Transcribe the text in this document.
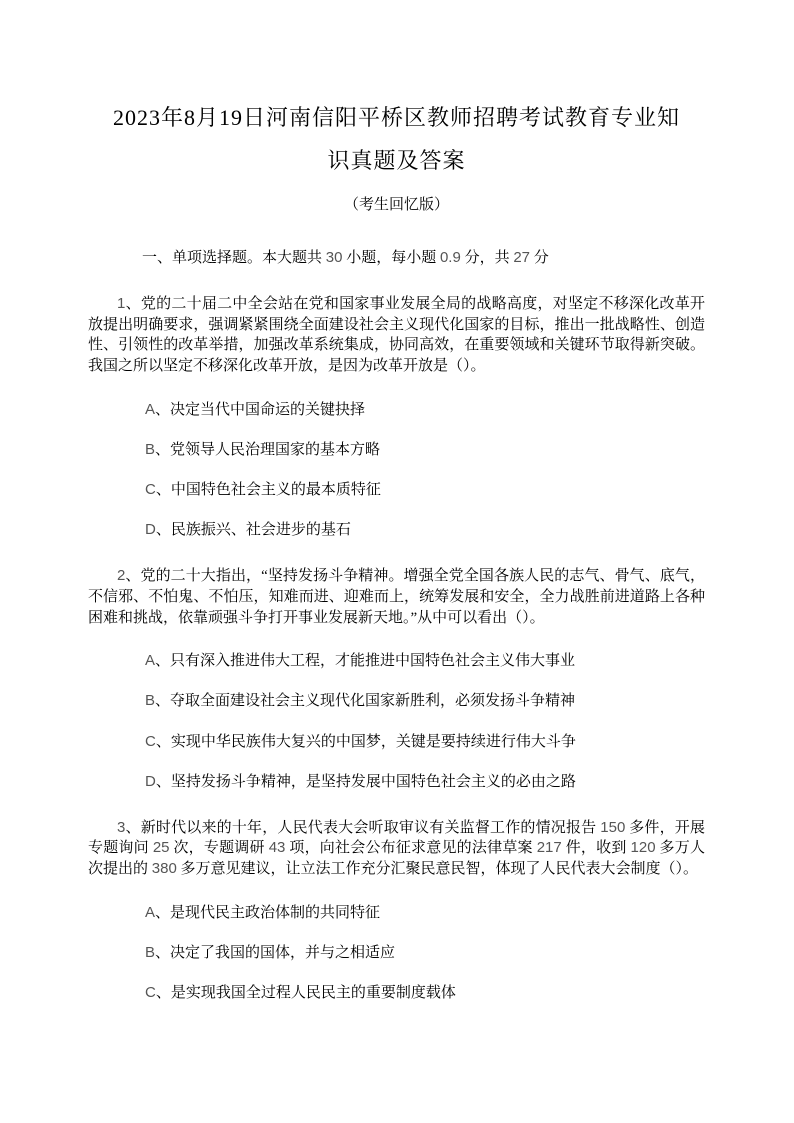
2023年8月19日河南信阳平桥区教师招聘考试教育专业知
识真题及答案

（考生回忆版）

一、单项选择题。本大题共 30 小题，每小题 0.9 分，共 27 分

1、党的二十届二中全会站在党和国家事业发展全局的战略高度，对坚定不移深化改革开放提出明确要求，强调紧紧围绕全面建设社会主义现代化国家的目标，推出一批战略性、创造性、引领性的改革举措，加强改革系统集成，协同高效，在重要领域和关键环节取得新突破。我国之所以坚定不移深化改革开放，是因为改革开放是（）。

A、决定当代中国命运的关键抉择

B、党领导人民治理国家的基本方略

C、中国特色社会主义的最本质特征

D、民族振兴、社会进步的基石

2、党的二十大指出，“坚持发扬斗争精神。增强全党全国各族人民的志气、骨气、底气，不信邪、不怕鬼、不怕压，知难而进、迎难而上，统筹发展和安全，全力战胜前进道路上各种困难和挑战，依靠顽强斗争打开事业发展新天地。”从中可以看出（）。

A、只有深入推进伟大工程，才能推进中国特色社会主义伟大事业

B、夺取全面建设社会主义现代化国家新胜利，必须发扬斗争精神

C、实现中华民族伟大复兴的中国梦，关键是要持续进行伟大斗争

D、坚持发扬斗争精神，是坚持发展中国特色社会主义的必由之路

3、新时代以来的十年，人民代表大会听取审议有关监督工作的情况报告 150 多件，开展专题询问 25 次，专题调研 43 项，向社会公布征求意见的法律草案 217 件，收到 120 多万人次提出的 380 多万意见建议，让立法工作充分汇聚民意民智，体现了人民代表大会制度（）。

A、是现代民主政治体制的共同特征

B、决定了我国的国体，并与之相适应

C、是实现我国全过程人民民主的重要制度载体
